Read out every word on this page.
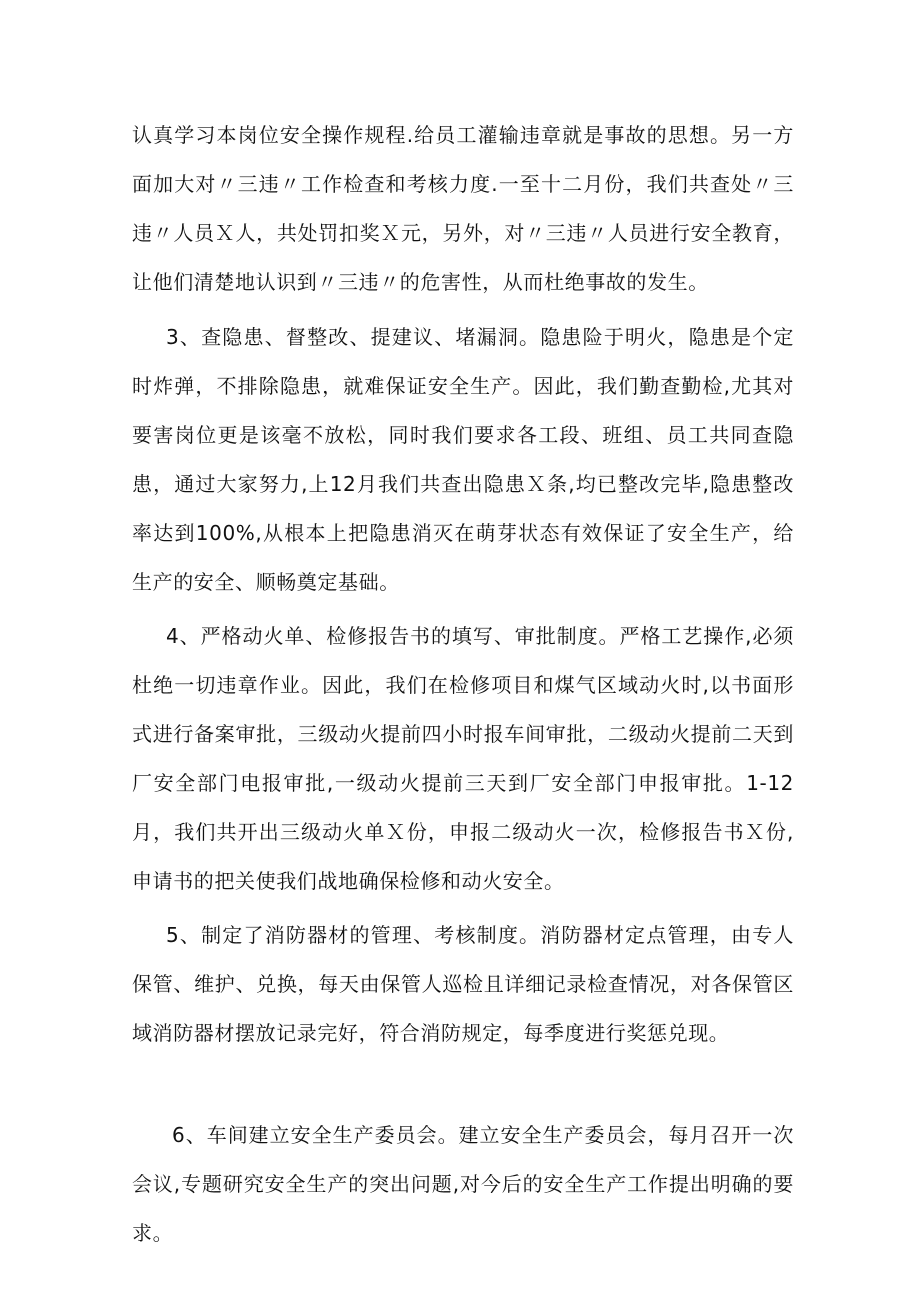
认真学习本岗位安全操作规程.给员工灌输违章就是事故的思想。另一方面加大对〃三违〃工作检查和考核力度.一至十二月份，我们共查处〃三违〃人员Ｘ人，共处罚扣奖Ｘ元，另外，对〃三违〃人员进行安全教育，让他们清楚地认识到〃三违〃的危害性，从而杜绝事故的发生。

3、查隐患、督整改、提建议、堵漏洞。隐患险于明火，隐患是个定时炸弹，不排除隐患，就难保证安全生产。因此，我们勤查勤检,尤其对要害岗位更是该毫不放松，同时我们要求各工段、班组、员工共同查隐患，通过大家努力,上12月我们共查出隐患Ｘ条,均已整改完毕,隐患整改率达到100%,从根本上把隐患消灭在萌芽状态有效保证了安全生产，给生产的安全、顺畅奠定基础。

4、严格动火单、检修报告书的填写、审批制度。严格工艺操作,必须杜绝一切违章作业。因此，我们在检修项目和煤气区域动火时,以书面形式进行备案审批，三级动火提前四小时报车间审批，二级动火提前二天到厂安全部门电报审批,一级动火提前三天到厂安全部门申报审批。1-12月，我们共开出三级动火单Ｘ份，申报二级动火一次，检修报告书Ｘ份,申请书的把关使我们战地确保检修和动火安全。

5、制定了消防器材的管理、考核制度。消防器材定点管理，由专人保管、维护、兑换，每天由保管人巡检且详细记录检查情况，对各保管区域消防器材摆放记录完好，符合消防规定，每季度进行奖惩兑现。

6、车间建立安全生产委员会。建立安全生产委员会，每月召开一次会议,专题研究安全生产的突出问题,对今后的安全生产工作提出明确的要求。
